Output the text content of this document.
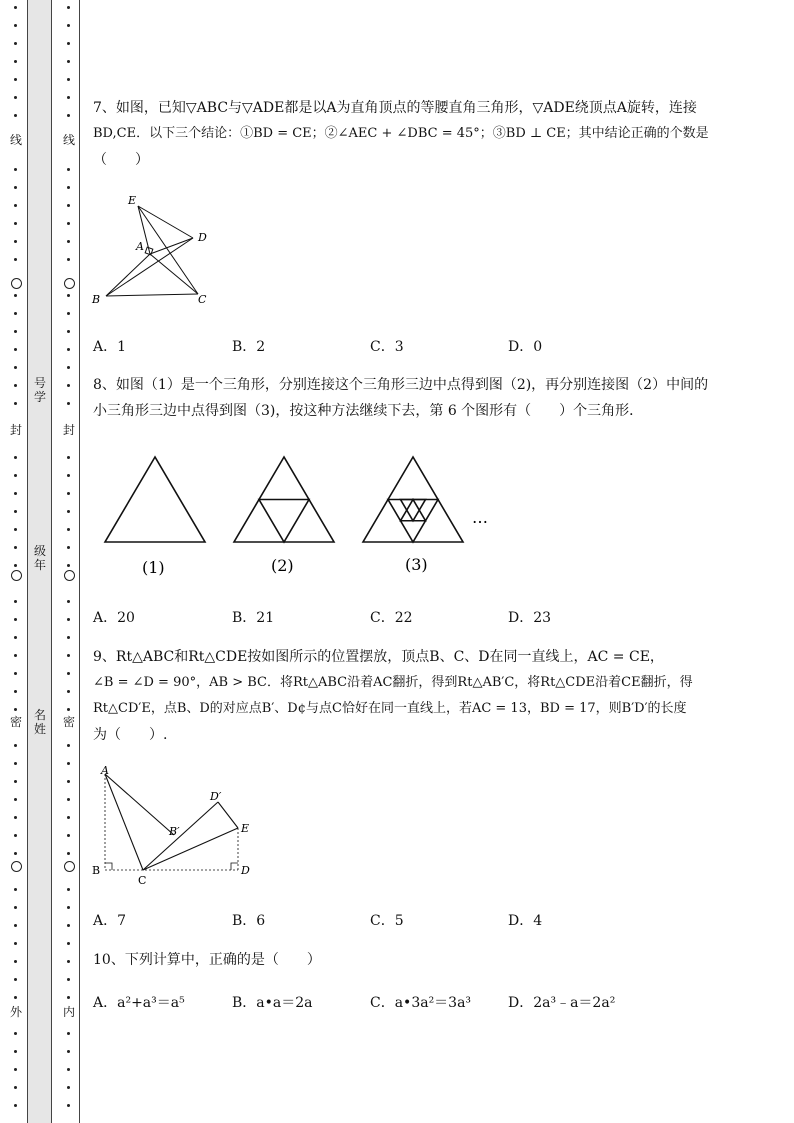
线
封
密
外
线
封
密
内
号学
级年
名姓
7、如图，已知▽ABC与▽ADE都是以A为直角顶点的等腰直角三角形，▽ADE绕顶点A旋转，连接
BD,CE．以下三个结论：①BD = CE；②∠AEC + ∠DBC = 45°；③BD ⊥ CE；其中结论正确的个数是
（　　）
E
D
A
B	C
A．1	B．2	C．3	D．0
8、如图（1）是一个三角形，分别连接这个三角形三边中点得到图（2)，再分别连接图（2）中间的
小三角形三边中点得到图（3)，按这种方法继续下去，第 6 个图形有（　　）个三角形．
(1)	(2)	(3)
…
A．20	B．21	C．22	D．23
9、Rt△ABC和Rt△CDE按如图所示的位置摆放，顶点B、C、D在同一直线上，AC = CE，
∠B = ∠D = 90°，AB > BC．将Rt△ABC沿着AC翻折，得到Rt△AB′C，将Rt△CDE沿着CE翻折，得
Rt△CD′E，点B、D的对应点B′、D¢与点C恰好在同一直线上，若AC = 13，BD = 17，则B′D′的长度
为（　　）.
A
D′
B′	E
B
C
D
A．7	B．6	C．5	D．4
10、下列计算中，正确的是（　　）
A．a²+a³＝a⁵	B．a•a＝2a	C．a•3a²＝3a³	D．2a³﹣a＝2a²
